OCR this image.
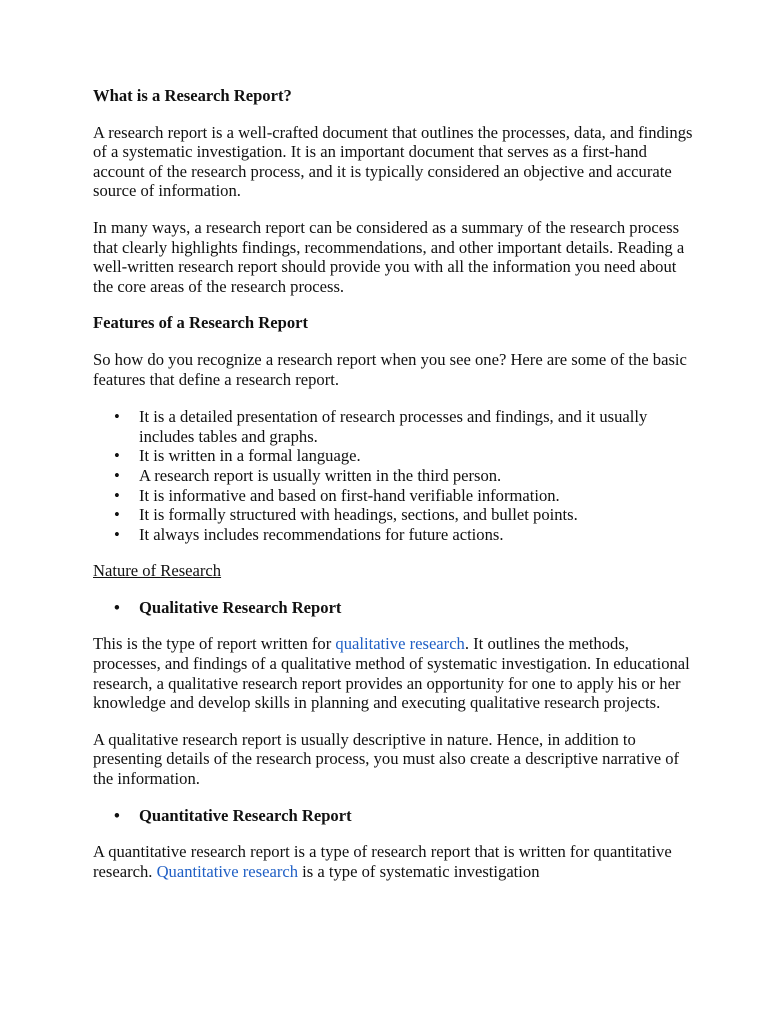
What is a Research Report?

A research report is a well-crafted document that outlines the processes, data, and findings of a systematic investigation. It is an important document that serves as a first-hand account of the research process, and it is typically considered an objective and accurate source of information.

In many ways, a research report can be considered as a summary of the research process that clearly highlights findings, recommendations, and other important details. Reading a well-written research report should provide you with all the information you need about the core areas of the research process.

Features of a Research Report

So how do you recognize a research report when you see one? Here are some of the basic features that define a research report.

• It is a detailed presentation of research processes and findings, and it usually includes tables and graphs.
• It is written in a formal language.
• A research report is usually written in the third person.
• It is informative and based on first-hand verifiable information.
• It is formally structured with headings, sections, and bullet points.
• It always includes recommendations for future actions.

Nature of Research

• Qualitative Research Report

This is the type of report written for qualitative research. It outlines the methods, processes, and findings of a qualitative method of systematic investigation. In educational research, a qualitative research report provides an opportunity for one to apply his or her knowledge and develop skills in planning and executing qualitative research projects.

A qualitative research report is usually descriptive in nature. Hence, in addition to presenting details of the research process, you must also create a descriptive narrative of the information.

• Quantitative Research Report

A quantitative research report is a type of research report that is written for quantitative research. Quantitative research is a type of systematic investigation
